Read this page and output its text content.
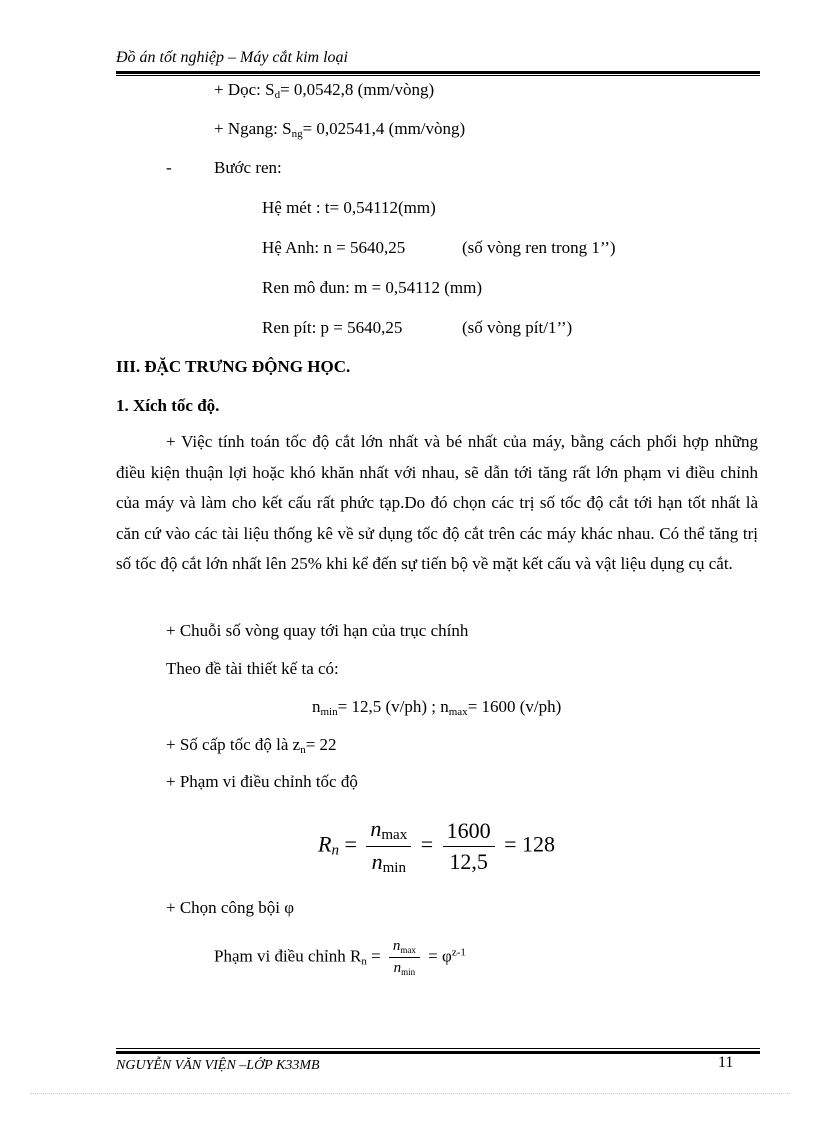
Đồ án tốt nghiệp – Máy cắt kim loại
+ Dọc: $S_d= 0,0542,8$ (mm/vòng)
+ Ngang: $S_{ng}= 0,02541,4$ (mm/vòng)
- Bước ren:
Hệ mét : t= 0,54112(mm)
Hệ Anh: n = 5640,25	(số vòng ren trong 1’’)
Ren mô đun: m = 0,54112 (mm)
Ren pít: p = 5640,25	(số vòng pít/1’’)
III. ĐẶC TRƯNG ĐỘNG HỌC.
1. Xích tốc độ.
+ Việc tính toán tốc độ cắt lớn nhất và bé nhất của máy, bằng cách phối hợp những điều kiện thuận lợi hoặc khó khăn nhất với nhau, sẽ dẫn tới tăng rất lớn phạm vi điều chỉnh của máy và làm cho kết cấu rất phức tạp.Do đó chọn các trị số tốc độ cắt tới hạn tốt nhất là căn cứ vào các tài liệu thống kê về sử dụng tốc độ cắt trên các máy khác nhau. Có thể tăng trị số tốc độ cắt lớn nhất lên 25% khi kể đến sự tiến bộ về mặt kết cấu và vật liệu dụng cụ cắt.
+ Chuỗi số vòng quay tới hạn của trục chính
Theo đề tài thiết kế ta có:
$n_{min}= 12,5$ (v/ph) ; $n_{max}= 1600$ (v/ph)
+ Số cấp tốc độ là $z_n= 22$
+ Phạm vi điều chỉnh tốc độ
$R_n = \frac{n_{max}}{n_{min}} = \frac{1600}{12,5} = 128$
+ Chọn công bội φ
Phạm vi điều chỉnh $R_n = \frac{n_{max}}{n_{min}} = \varphi^{z-1}$
NGUYỄN VĂN VIỆN –LỚP K33MB	11
